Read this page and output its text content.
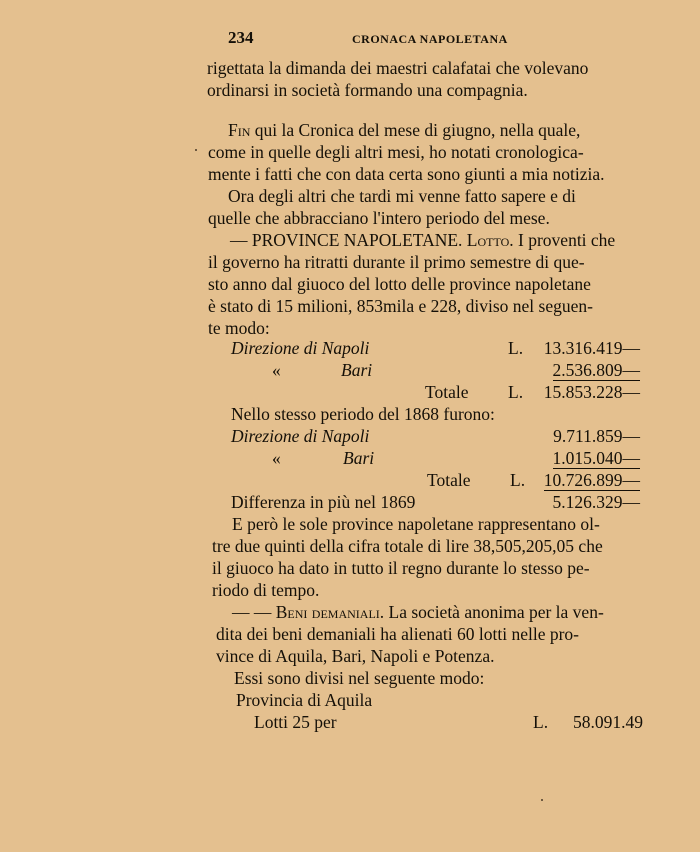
234	CRONACA NAPOLETANA
rigettata la dimanda dei maestri calafatai che volevano
ordinarsi in società formando una compagnia.
Fin qui la Cronica del mese di giugno, nella quale,
come in quelle degli altri mesi, ho notati cronologica-
mente i fatti che con data certa sono giunti a mia notizia.
Ora degli altri che tardi mi venne fatto sapere e di
quelle che abbracciano l'intero periodo del mese.
— PROVINCE NAPOLETANE. Lotto. I proventi che
il governo ha ritratti durante il primo semestre di que-
sto anno dal giuoco del lotto delle province napoletane
è stato di 15 milioni, 853mila e 228, diviso nel seguen-
te modo:
Direzione di Napoli	L. 13.316.419—
«	Bari	2.536.809—
Totale L. 15.853.228—
Nello stesso periodo del 1868 furono:
Direzione di Napoli	9.711.859—
«	Bari	1.015.040—
Totale L. 10.726.899—
Differenza in più nel 1869	5.126.329—
E però le sole province napoletane rappresentano ol-
tre due quinti della cifra totale di lire 38,505,205,05 che
il giuoco ha dato in tutto il regno durante lo stesso pe-
riodo di tempo.
— — Beni demaniali. La società anonima per la ven-
dita dei beni demaniali ha alienati 60 lotti nelle pro-
vince di Aquila, Bari, Napoli e Potenza.
Essi sono divisi nel seguente modo:
Provincia di Aquila
Lotti 25 per	L. 58.091.49
